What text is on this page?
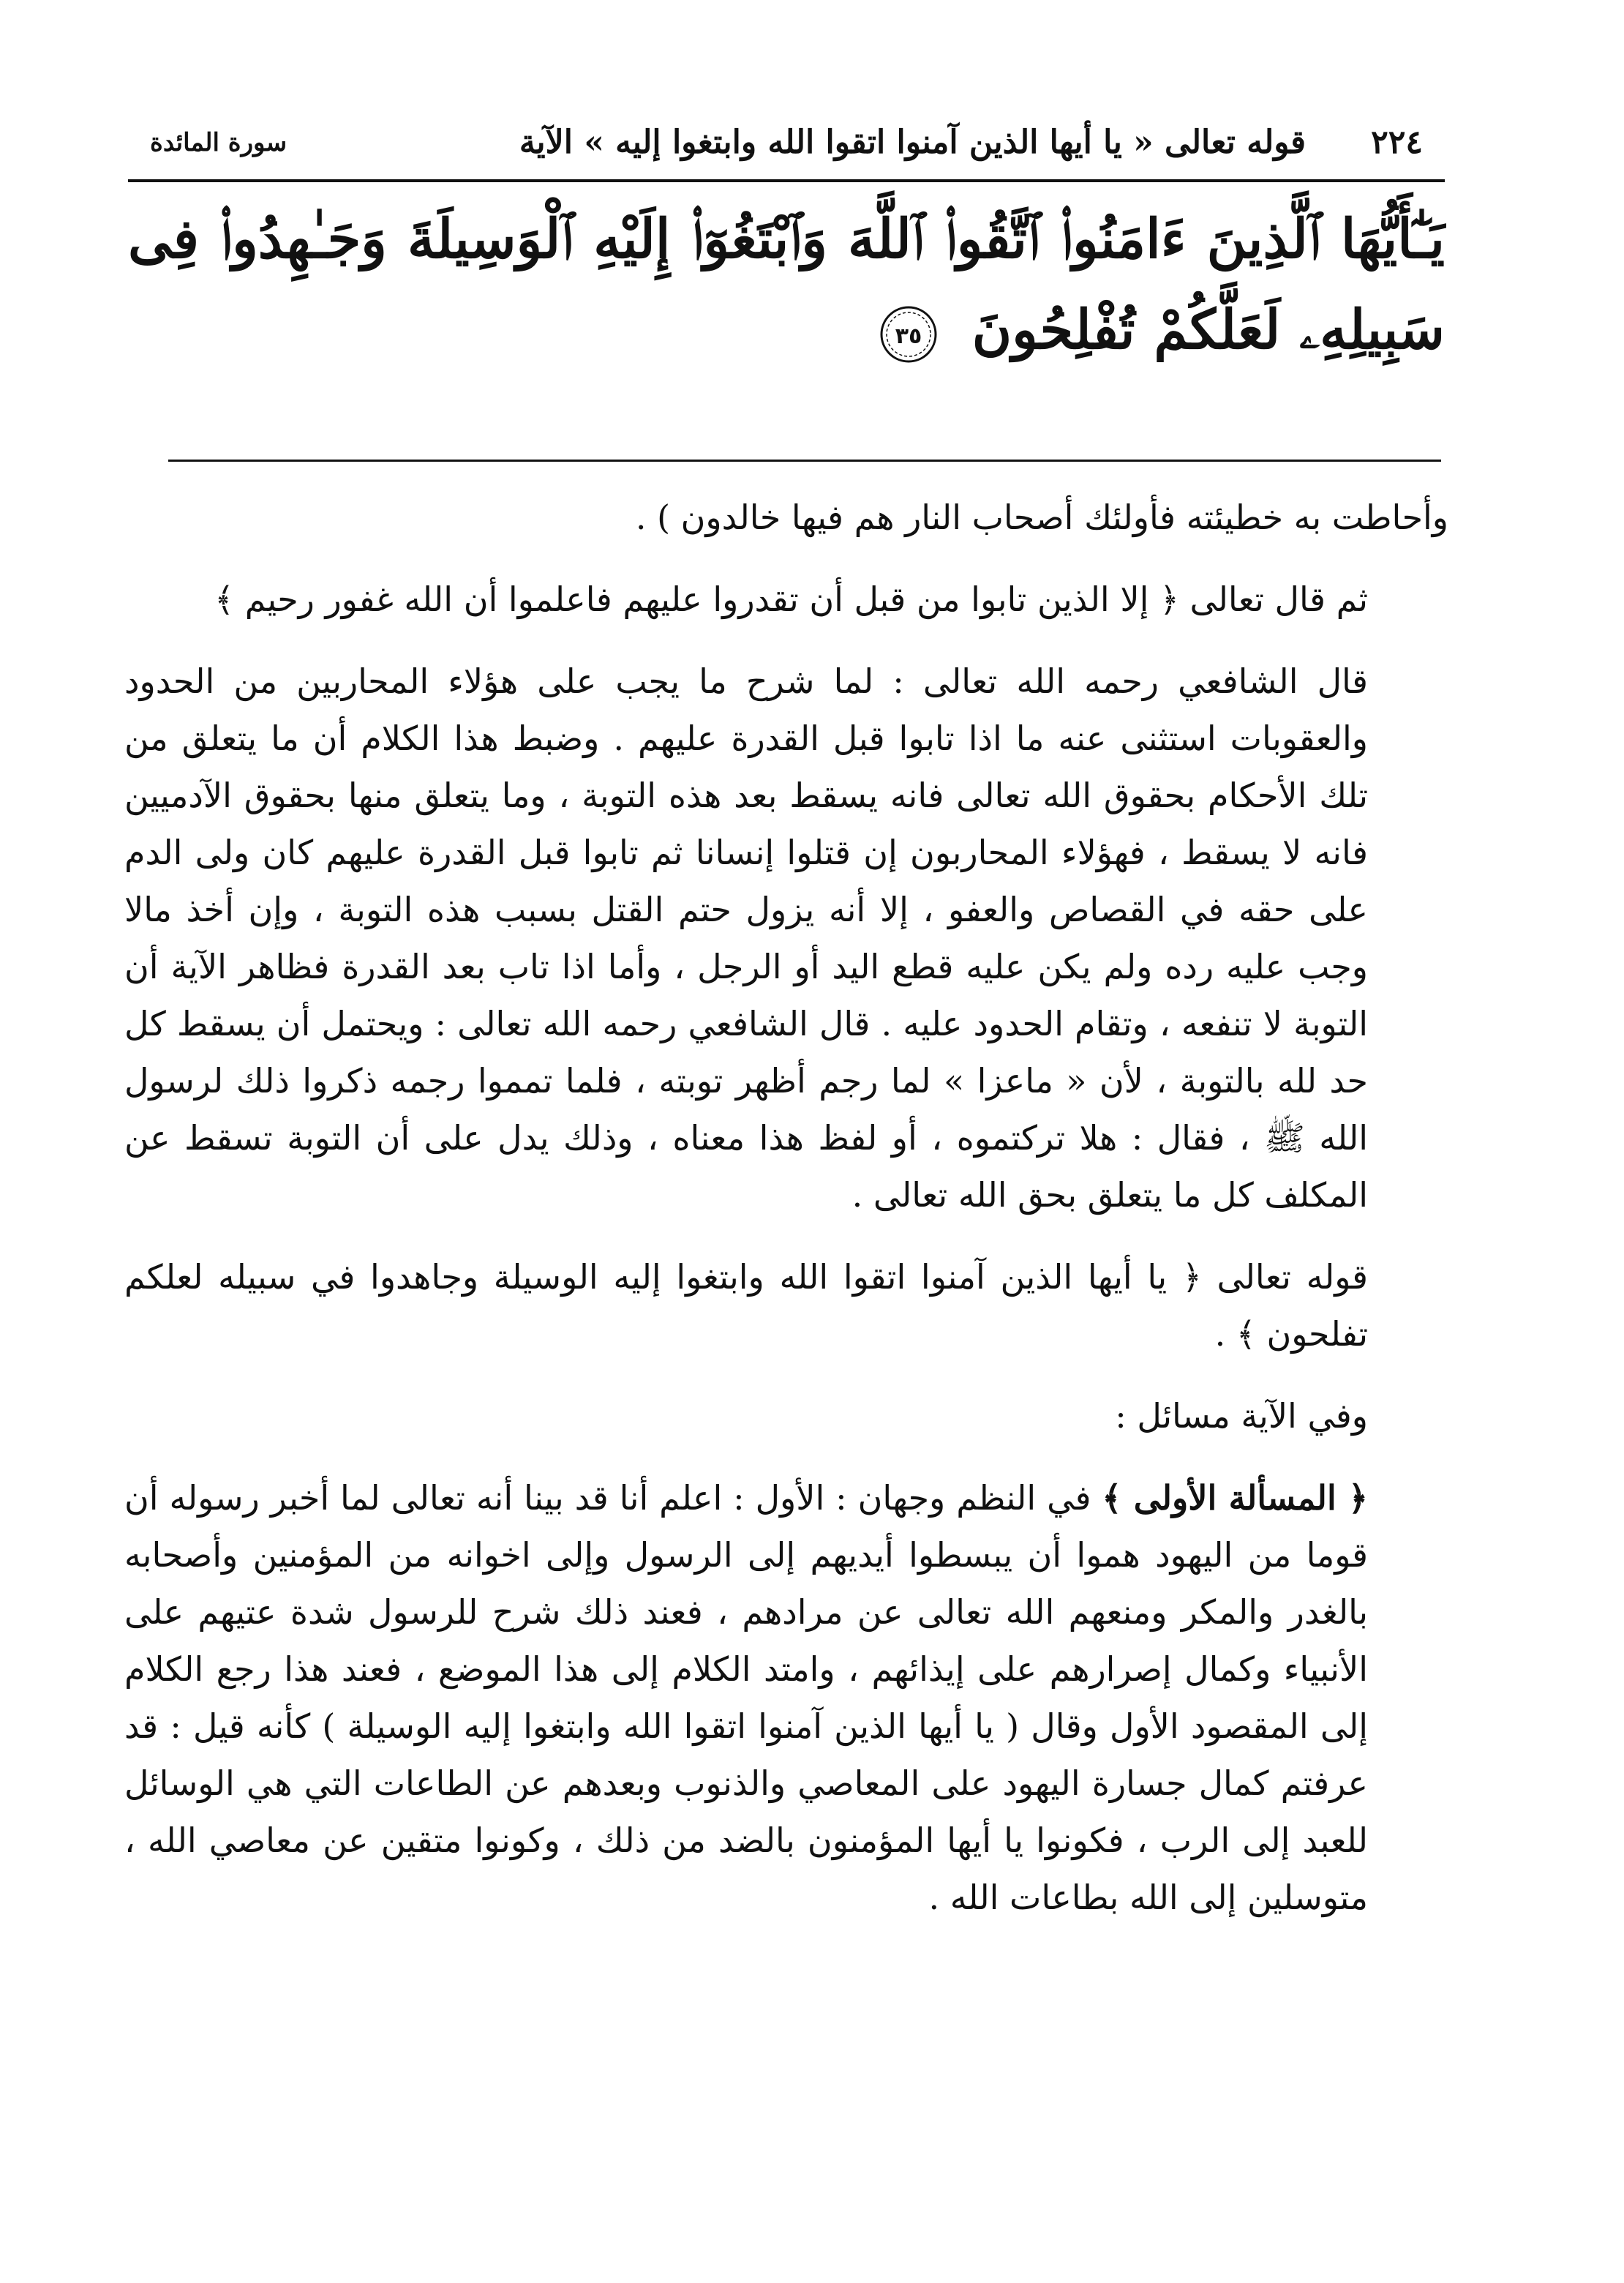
٢٢٤
قوله تعالى « يا أيها الذين آمنوا اتقوا الله وابتغوا إليه » الآية
سورة المائدة
يَـٰٓأَيُّهَا ٱلَّذِينَ ءَامَنُوا۟ ٱتَّقُوا۟ ٱللَّهَ وَٱبْتَغُوٓا۟ إِلَيْهِ ٱلْوَسِيلَةَ وَجَـٰهِدُوا۟ فِى سَبِيلِهِۦ لَعَلَّكُمْ تُفْلِحُونَ
٣٥

وأحاطت به خطيئته فأولئك أصحاب النار هم فيها خالدون ) .

ثم قال تعالى ﴿ إلا الذين تابوا من قبل أن تقدروا عليهم فاعلموا أن الله غفور رحيم ﴾

قال الشافعي رحمه الله تعالى : لما شرح ما يجب على هؤلاء المحاربين من الحدود والعقوبات استثنى عنه ما اذا تابوا قبل القدرة عليهم . وضبط هذا الكلام أن ما يتعلق من تلك الأحكام بحقوق الله تعالى فانه يسقط بعد هذه التوبة ، وما يتعلق منها بحقوق الآدميين فانه لا يسقط ، فهؤلاء المحاربون إن قتلوا إنسانا ثم تابوا قبل القدرة عليهم كان ولى الدم على حقه في القصاص والعفو ، إلا أنه يزول حتم القتل بسبب هذه التوبة ، وإن أخذ مالا وجب عليه رده ولم يكن عليه قطع اليد أو الرجل ، وأما اذا تاب بعد القدرة فظاهر الآية أن التوبة لا تنفعه ، وتقام الحدود عليه . قال الشافعي رحمه الله تعالى : ويحتمل أن يسقط كل حد لله بالتوبة ، لأن « ماعزا » لما رجم أظهر توبته ، فلما تمموا رجمه ذكروا ذلك لرسول الله ﷺ ، فقال : هلا تركتموه ، أو لفظ هذا معناه ، وذلك يدل على أن التوبة تسقط عن المكلف كل ما يتعلق بحق الله تعالى .

قوله تعالى ﴿ يا أيها الذين آمنوا اتقوا الله وابتغوا إليه الوسيلة وجاهدوا في سبيله لعلكم تفلحون ﴾ .

وفي الآية مسائل :

﴿ المسألة الأولى ﴾ في النظم وجهان : الأول : اعلم أنا قد بينا أنه تعالى لما أخبر رسوله أن قوما من اليهود هموا أن يبسطوا أيديهم إلى الرسول وإلى اخوانه من المؤمنين وأصحابه بالغدر والمكر ومنعهم الله تعالى عن مرادهم ، فعند ذلك شرح للرسول شدة عتيهم على الأنبياء وكمال إصرارهم على إيذائهم ، وامتد الكلام إلى هذا الموضع ، فعند هذا رجع الكلام إلى المقصود الأول وقال ( يا أيها الذين آمنوا اتقوا الله وابتغوا إليه الوسيلة ) كأنه قيل : قد عرفتم كمال جسارة اليهود على المعاصي والذنوب وبعدهم عن الطاعات التي هي الوسائل للعبد إلى الرب ، فكونوا يا أيها المؤمنون بالضد من ذلك ، وكونوا متقين عن معاصي الله ، متوسلين إلى الله بطاعات الله .
